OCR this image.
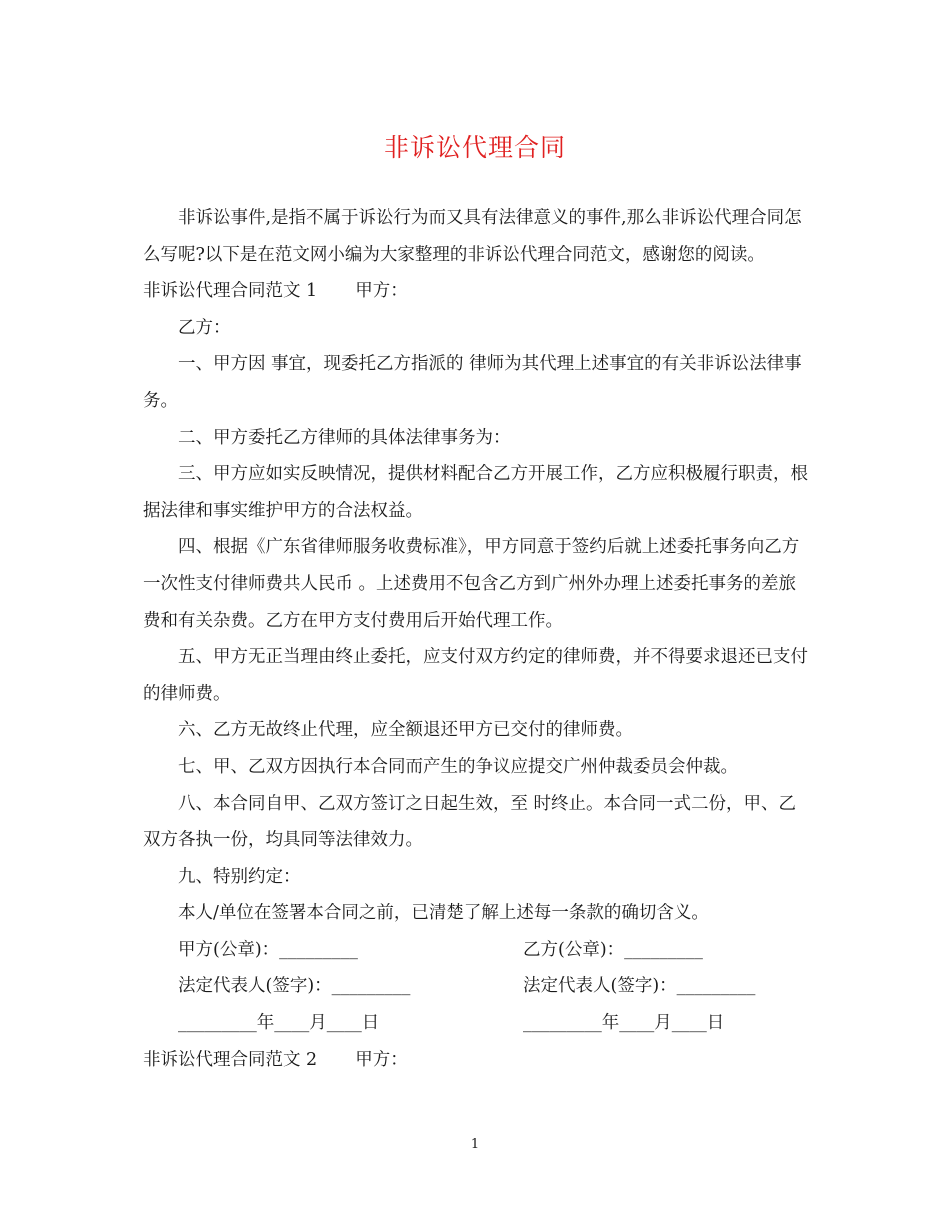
非诉讼代理合同

非诉讼事件,是指不属于诉讼行为而又具有法律意义的事件,那么非诉讼代理合同怎么写呢?以下是在范文网小编为大家整理的非诉讼代理合同范文，感谢您的阅读。

非诉讼代理合同范文 1 甲方：

乙方：

一、甲方因 事宜，现委托乙方指派的 律师为其代理上述事宜的有关非诉讼法律事务。

二、甲方委托乙方律师的具体法律事务为：

三、甲方应如实反映情况，提供材料配合乙方开展工作，乙方应积极履行职责，根据法律和事实维护甲方的合法权益。

四、根据《广东省律师服务收费标准》，甲方同意于签约后就上述委托事务向乙方一次性支付律师费共人民币 。上述费用不包含乙方到广州外办理上述委托事务的差旅费和有关杂费。乙方在甲方支付费用后开始代理工作。

五、甲方无正当理由终止委托，应支付双方约定的律师费，并不得要求退还已支付的律师费。

六、乙方无故终止代理，应全额退还甲方已交付的律师费。

七、甲、乙双方因执行本合同而产生的争议应提交广州仲裁委员会仲裁。

八、本合同自甲、乙双方签订之日起生效，至 时终止。本合同一式二份，甲、乙双方各执一份，均具同等法律效力。

九、特别约定：

本人/单位在签署本合同之前，已清楚了解上述每一条款的确切含义。

甲方(公章)：_________	乙方(公章)：_________
法定代表人(签字)：_________	法定代表人(签字)：_________
_________年____月____日	_________年____月____日

非诉讼代理合同范文 2 甲方：

1
